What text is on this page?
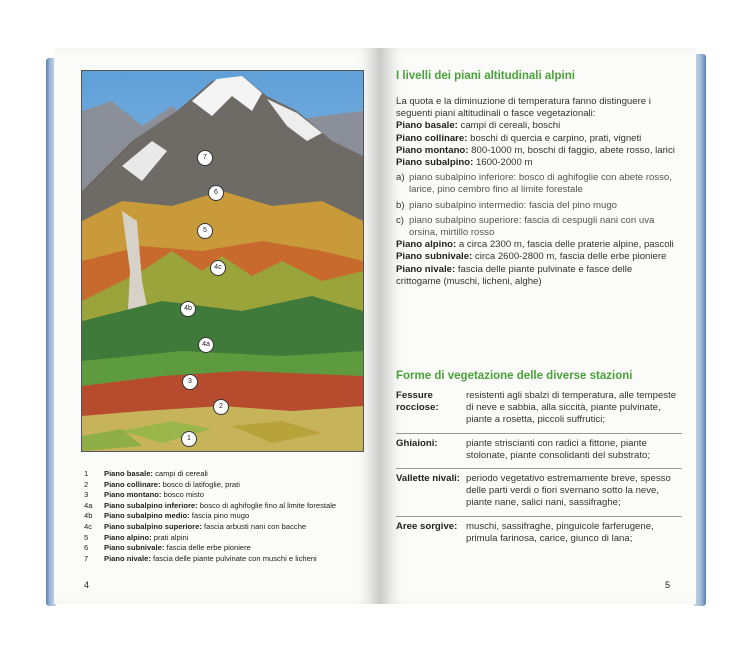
7
6
5
4c
4b
4a
3
2
1
1	Piano basale: campi di cereali
2	Piano collinare: bosco di latifoglie, prati
3	Piano montano: bosco misto
4a	Piano subalpino inferiore: bosco di aghifoglie fino al limite forestale
4b	Piano subalpino medio: fascia pino mugo
4c	Piano subalpino superiore: fascia arbusti nani con bacche
5	Piano alpino: prati alpini
6	Piano subnivale: fascia delle erbe pioniere
7	Piano nivale: fascia delle piante pulvinate con muschi e licheni
4
I livelli dei piani altitudinali alpini

La quota e la diminuzione di temperatura fanno distinguere i seguenti piani altitudinali o fasce vegetazionali:

Piano basale: campi di cereali, boschi
Piano collinare: boschi di quercia e carpino, prati, vigneti
Piano montano: 800-1000 m, boschi di faggio, abete rosso, larici
Piano subalpino: 1600-2000 m
a) piano subalpino inferiore: bosco di aghifoglie con abete rosso, larice, pino cembro fino al limite forestale
b) piano subalpino intermedio: fascia del pino mugo
c) piano subalpino superiore: fascia di cespugli nani con uva orsina, mirtillo rosso
Piano alpino: a circa 2300 m, fascia delle praterie alpine, pascoli
Piano subnivale: circa 2600-2800 m, fascia delle erbe pioniere
Piano nivale: fascia delle piante pulvinate e fasce delle crittogame (muschi, licheni, alghe)
Forme di vegetazione delle diverse stazioni
Fessure rocciose:
resistenti agli sbalzi di temperatura, alle tempeste di neve e sabbia, alla siccità, piante pulvinate, piante a rosetta, piccoli suffrutici;
Ghiaioni:	piante striscianti con radici a fittone, piante stolonate, piante consolidanti del substrato;
Vallette nivali: periodo vegetativo estremamente breve, spesso delle parti verdi o fiori svernano sotto la neve, piante nane, salici nani, sassifraghe;
Aree sorgive: muschi, sassifraghe, pinguicole farferugene, primula farinosa, carice, giunco di lana;
5
